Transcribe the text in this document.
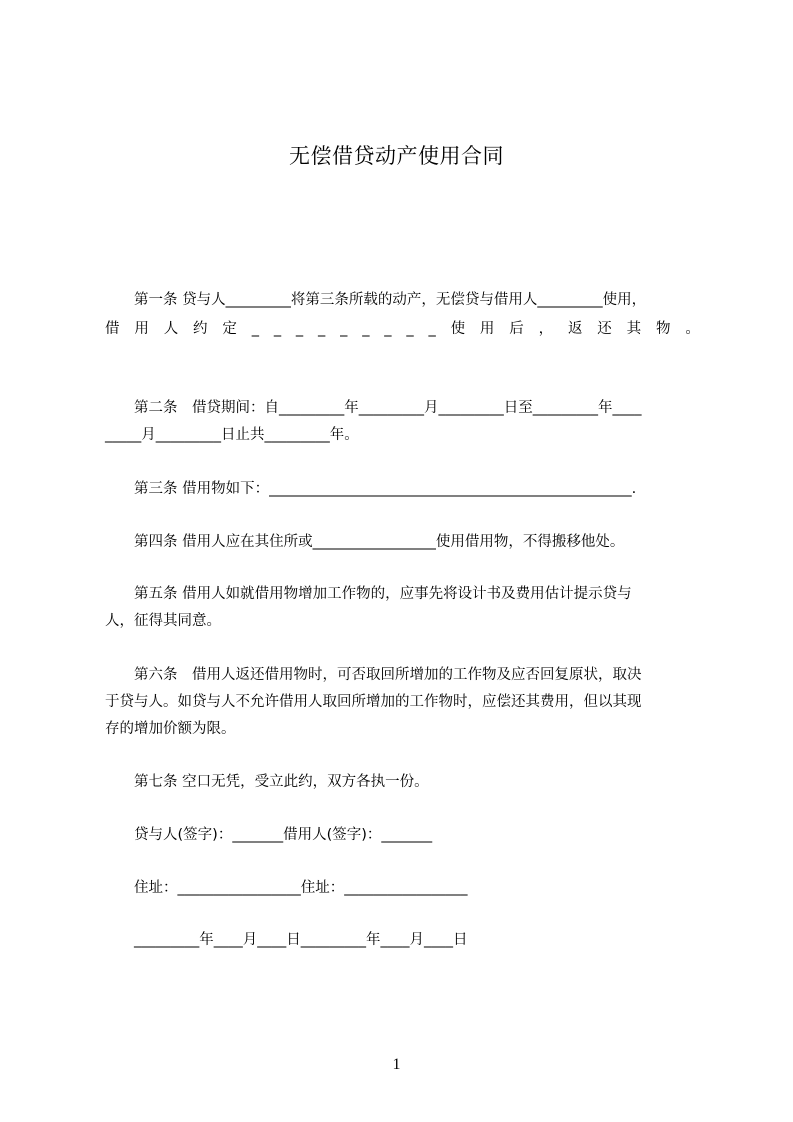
无偿借贷动产使用合同
　　第一条 贷与人_________将第三条所载的动产，无偿贷与借用人_________使用，
借 用 人 约 定 _ _ _ _ _ _ _ _ _ 使 用 后 ， 返 还 其 物 。
　　第二条　借贷期间：自_________年_________月_________日至_________年____
_____月_________日止共_________年。
　　第三条 借用物如下：__________________________________________________.
　　第四条 借用人应在其住所或_________________使用借用物，不得搬移他处。
　　第五条 借用人如就借用物增加工作物的，应事先将设计书及费用估计提示贷与
人，征得其同意。
　　第六条　借用人返还借用物时，可否取回所增加的工作物及应否回复原状，取决
于贷与人。如贷与人不允许借用人取回所增加的工作物时，应偿还其费用，但以其现
存的增加价额为限。
　　第七条 空口无凭，受立此约，双方各执一份。
　　贷与人(签字)：_______借用人(签字)：_______
　　住址：_________________住址：_________________
　　_________年____月____日_________年____月____日
1
